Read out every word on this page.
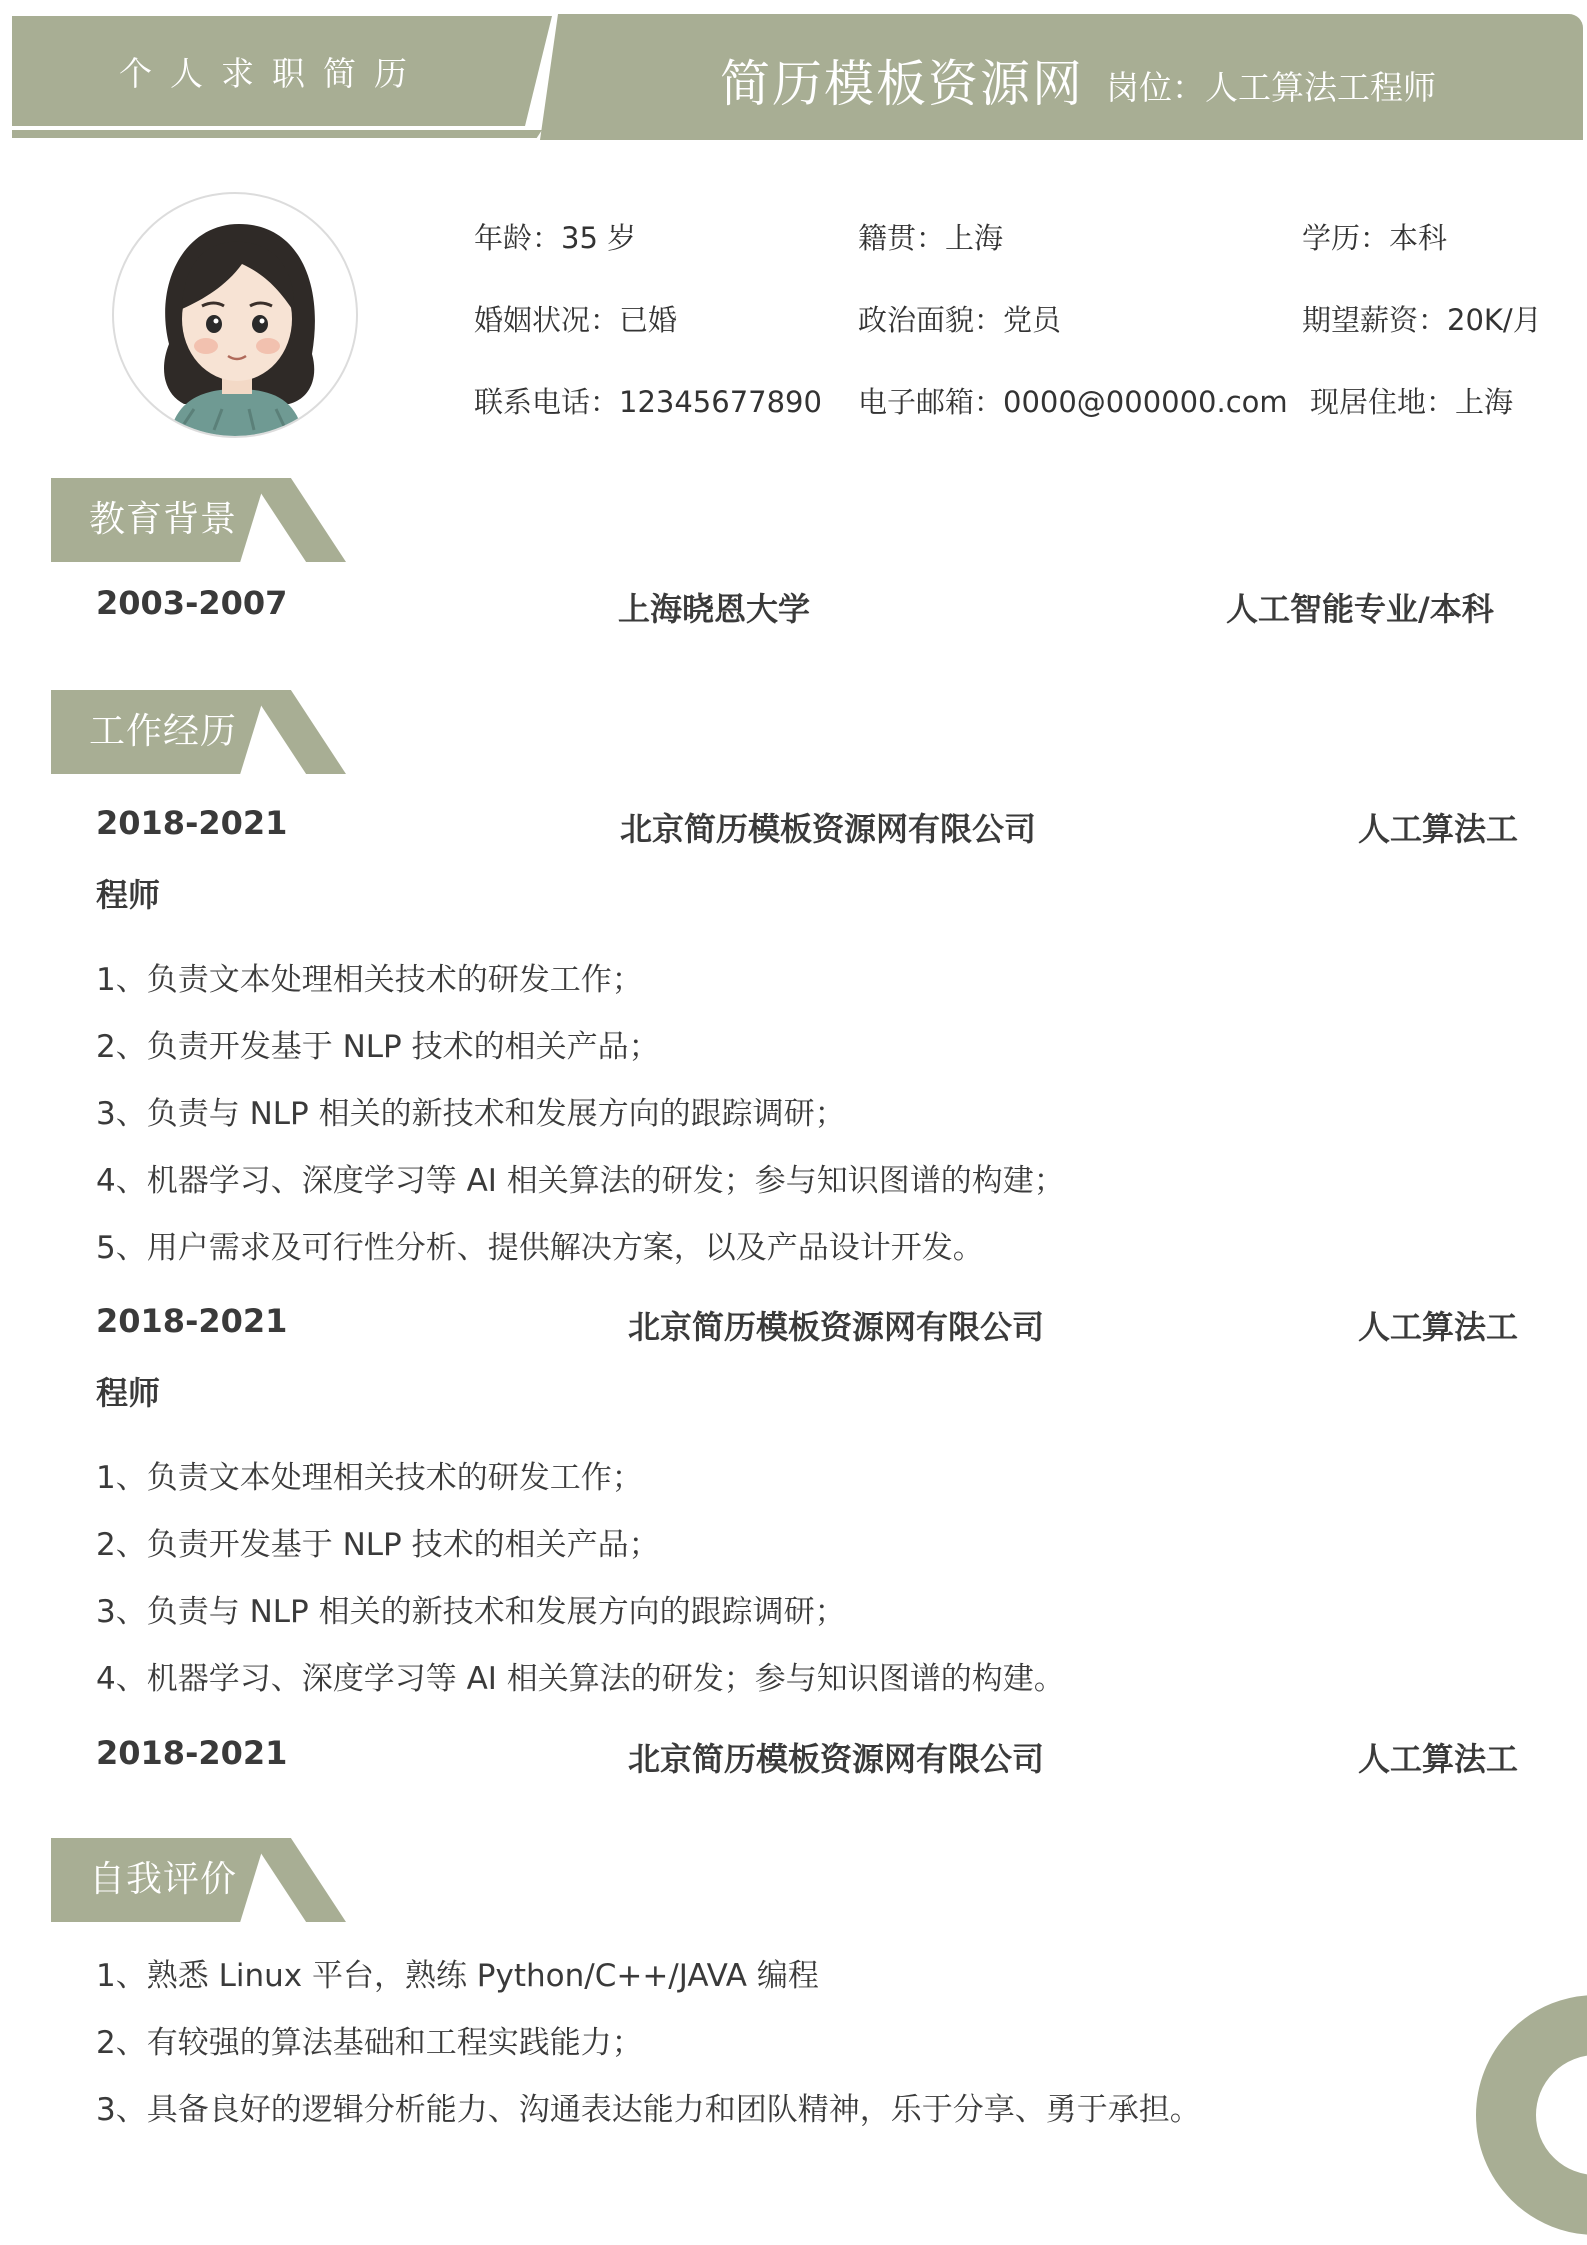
个人求职简历	简历模板资源网 岗位：人工算法工程师
年龄：35 岁	籍贯：上海	学历：本科
婚姻状况：已婚	政治面貌：党员	期望薪资：20K/月
联系电话：12345677890 电子邮箱：0000@000000.com 现居住地：上海
教育背景
2003-2007	上海晓恩大学	人工智能专业/本科
工作经历
2018-2021	北京简历模板资源网有限公司	人工算法工
程师
1、负责文本处理相关技术的研发工作；
2、负责开发基于 NLP 技术的相关产品；
3、负责与 NLP 相关的新技术和发展方向的跟踪调研；
4、机器学习、深度学习等 AI 相关算法的研发；参与知识图谱的构建；
5、用户需求及可行性分析、提供解决方案，以及产品设计开发。
2018-2021	北京简历模板资源网有限公司	人工算法工
程师
1、负责文本处理相关技术的研发工作；
2、负责开发基于 NLP 技术的相关产品；
3、负责与 NLP 相关的新技术和发展方向的跟踪调研；
4、机器学习、深度学习等 AI 相关算法的研发；参与知识图谱的构建。
2018-2021	北京简历模板资源网有限公司	人工算法工
自我评价
1、熟悉 Linux 平台，熟练 Python/C++/JAVA 编程
2、有较强的算法基础和工程实践能力；
3、具备良好的逻辑分析能力、沟通表达能力和团队精神，乐于分享、勇于承担。
